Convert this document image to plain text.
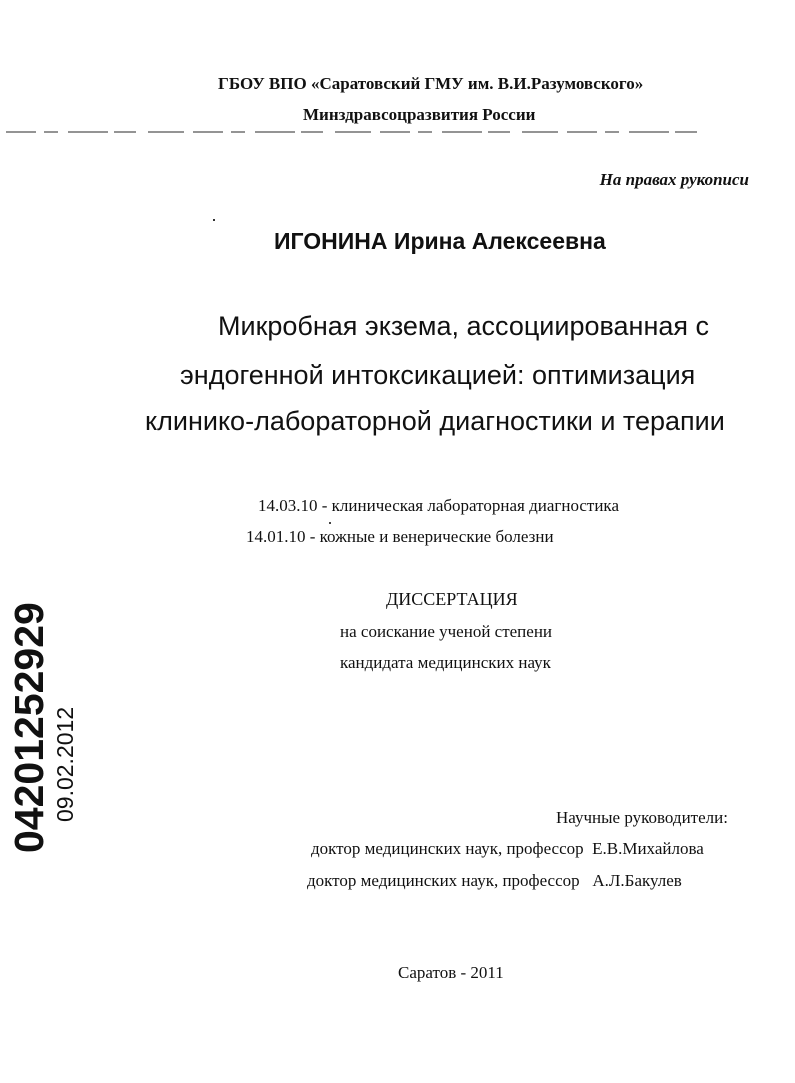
ГБОУ ВПО «Саратовский ГМУ им. В.И.Разумовского»
Минздравсоцразвития России
На правах рукописи
ИГОНИНА Ирина Алексеевна
Микробная экзема, ассоциированная с
эндогенной интоксикацией: оптимизация
клинико-лабораторной диагностики и терапии
14.03.10 - клиническая лабораторная диагностика
14.01.10 - кожные и венерические болезни
ДИССЕРТАЦИЯ
на соискание ученой степени
кандидата медицинских наук
04201252929 09.02.2012	Научные руководители:
доктор медицинских наук, профессор  Е.В.Михайлова
доктор медицинских наук, профессор   А.Л.Бакулев
Саратов - 2011
